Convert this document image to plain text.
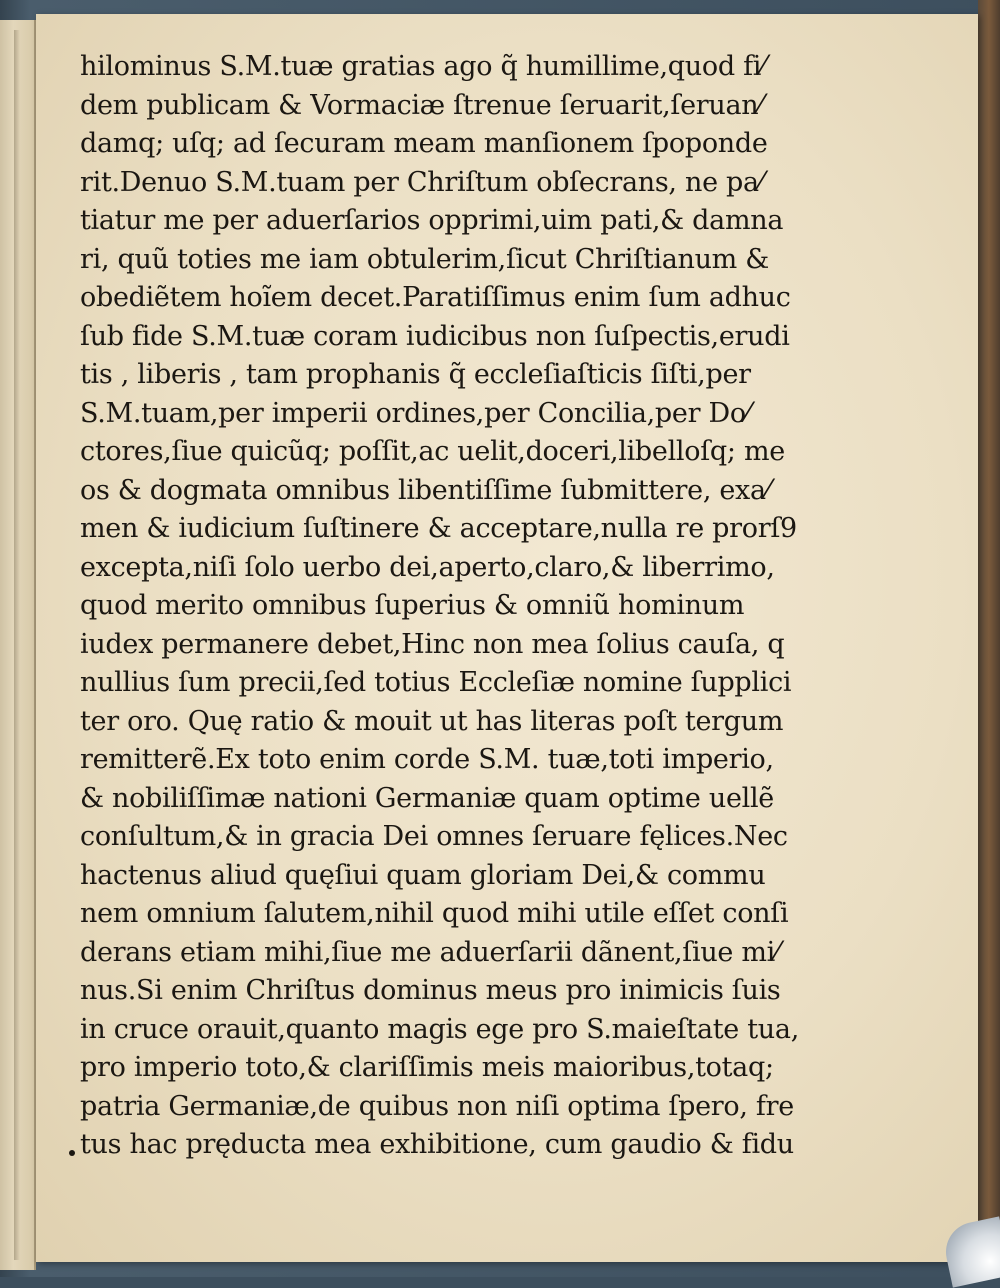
hilominus S.M.tuæ gratias ago q̃ humillime,quod fi⁄
dem publicam & Vormaciæ ſtrenue ſeruarit,ſeruan⁄
damq; uſq; ad ſecuram meam manſionem ſpoponde
rit.Denuo S.M.tuam per Chriſtum obſecrans, ne pa⁄
tiatur me per aduerſarios opprimi,uim pati,& damna
ri, quũ toties me iam obtulerim,ſicut Chriſtianum &
obediẽtem hoĩem decet.Paratiſſimus enim ſum adhuc
ſub fide S.M.tuæ coram iudicibus non ſuſpectis,erudi
tis , liberis , tam prophanis q̃ eccleſiaſticis ſiſti,per
S.M.tuam,per imperii ordines,per Concilia,per Do⁄
ctores,ſiue quicũq; poſſit,ac uelit,doceri,libelloſq; me
os & dogmata omnibus libentiſſime ſubmittere, exa⁄
men & iudicium ſuſtinere & acceptare,nulla re prorſ9
excepta,niſi ſolo uerbo dei,aperto,claro,& liberrimo,
quod merito omnibus ſuperius & omniũ hominum
iudex permanere debet,Hinc non mea ſolius cauſa, q
nullius ſum precii,ſed totius Eccleſiæ nomine ſupplici
ter oro. Quę ratio & mouit ut has literas poſt tergum
remitterẽ.Ex toto enim corde S.M. tuæ,toti imperio,
& nobiliſſimæ nationi Germaniæ quam optime uellẽ
conſultum,& in gracia Dei omnes ſeruare fęlices.Nec
hactenus aliud quęſiui quam gloriam Dei,& commu
nem omnium ſalutem,nihil quod mihi utile eſſet conſi
derans etiam mihi,ſiue me aduerſarii dãnent,ſiue mi⁄
nus.Si enim Chriſtus dominus meus pro inimicis ſuis
in cruce orauit,quanto magis ege pro S.maieſtate tua,
pro imperio toto,& clariſſimis meis maioribus,totaq;
patria Germaniæ,de quibus non niſi optima ſpero, fre
tus hac pręducta mea exhibitione, cum gaudio & fidu
